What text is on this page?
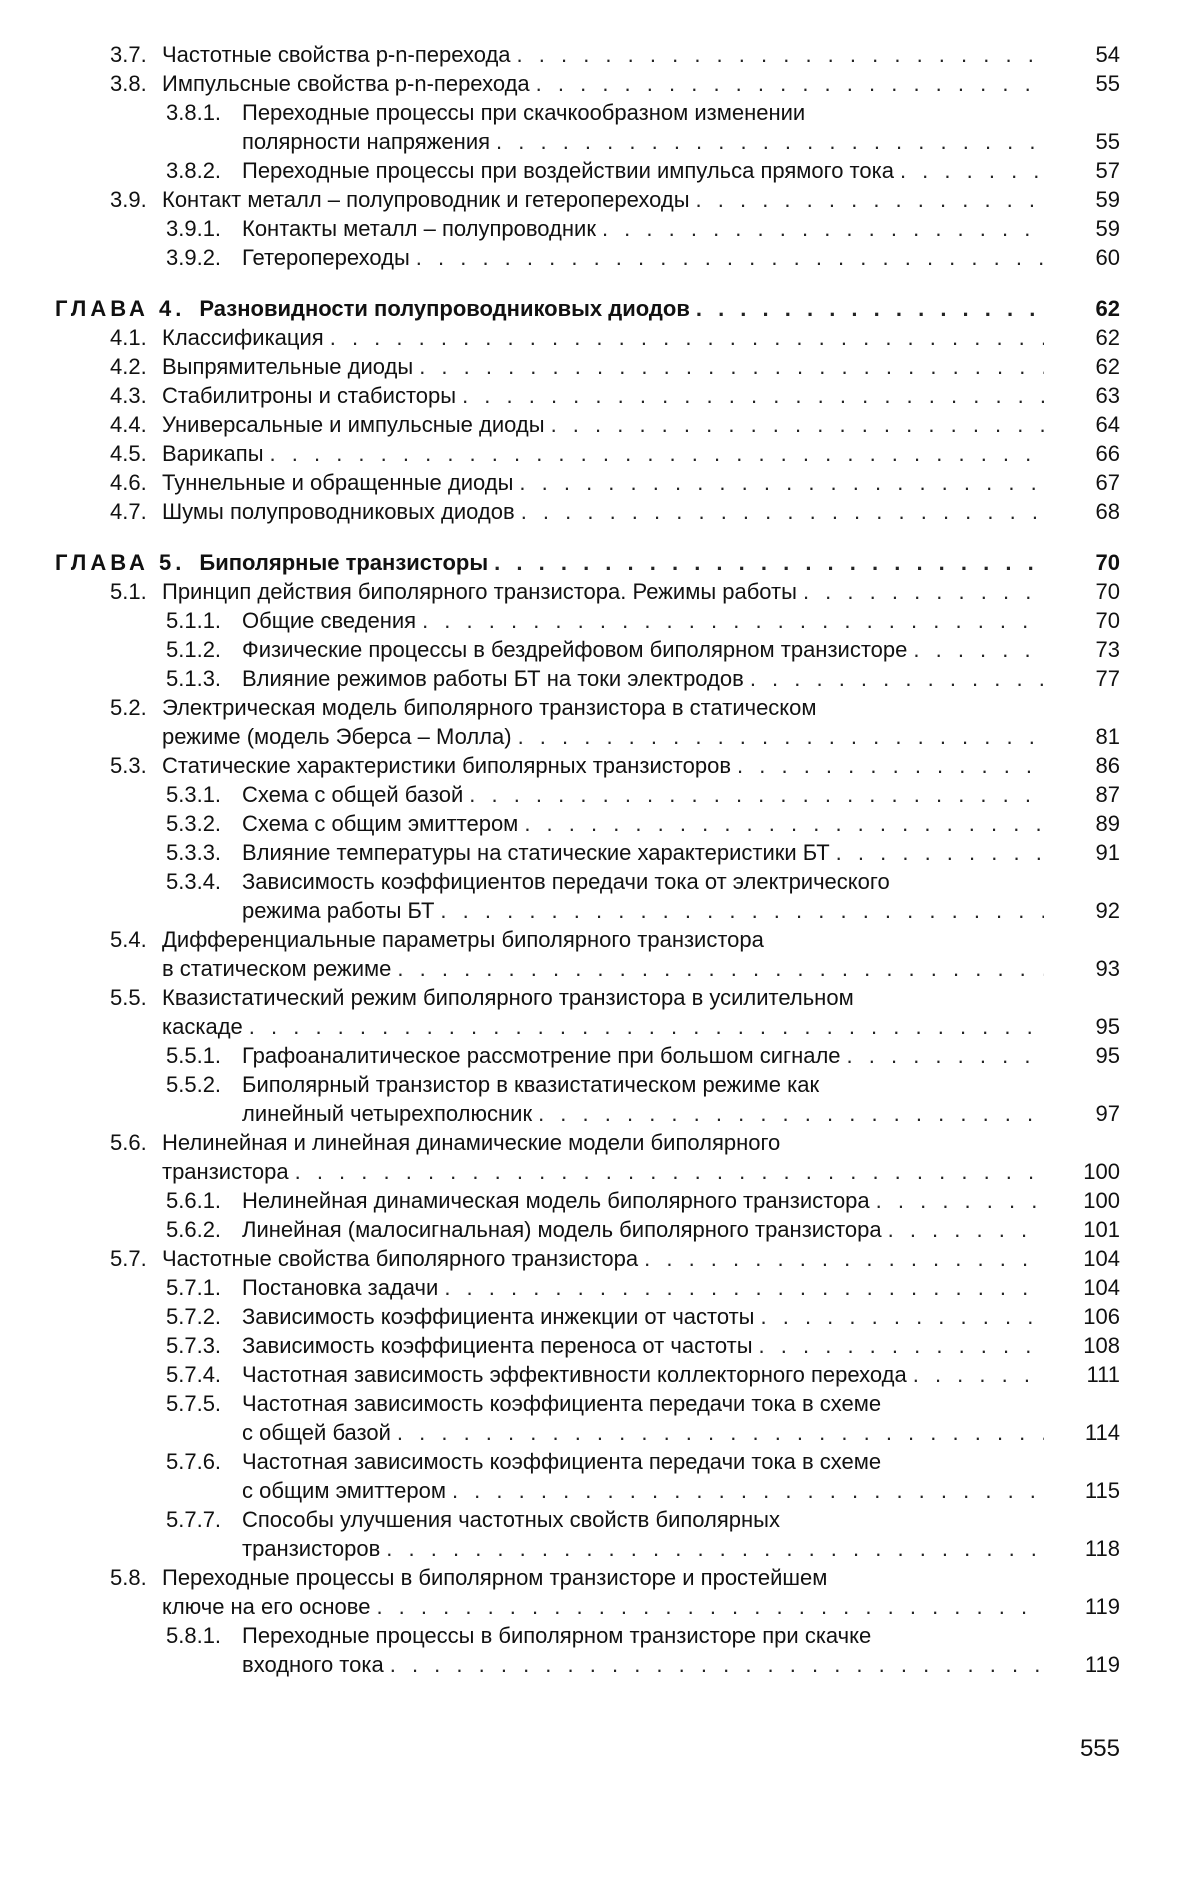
3.7. Частотные свойства p-n-перехода . . .	54
3.8. Импульсные свойства p-n-перехода . . .	55
3.8.1. Переходные процессы при скачкообразном изменении
полярности напряжения . . .	55
3.8.2. Переходные процессы при воздействии импульса прямого тока . . .	57
3.9. Контакт металл – полупроводник и гетеропереходы . . .	59
3.9.1. Контакты металл – полупроводник . . .	59
3.9.2. Гетеропереходы . . .	60
ГЛАВА 4. Разновидности полупроводниковых диодов . . .	62
4.1. Классификация . . .	62
4.2. Выпрямительные диоды . . .	62
4.3. Стабилитроны и стабисторы . . .	63
4.4. Универсальные и импульсные диоды . . .	64
4.5. Варикапы . . .	66
4.6. Туннельные и обращенные диоды . . .	67
4.7. Шумы полупроводниковых диодов . . .	68
ГЛАВА 5. Биполярные транзисторы . . .	70
5.1. Принцип действия биполярного транзистора. Режимы работы . . .	70
5.1.1. Общие сведения . . .	70
5.1.2. Физические процессы в бездрейфовом биполярном транзисторе . . .	73
5.1.3. Влияние режимов работы БТ на токи электродов . . .	77
5.2. Электрическая модель биполярного транзистора в статическом
режиме (модель Эберса – Молла) . . .	81
5.3. Статические характеристики биполярных транзисторов . . .	86
5.3.1. Схема с общей базой . . .	87
5.3.2. Схема с общим эмиттером . . .	89
5.3.3. Влияние температуры на статические характеристики БТ . . .	91
5.3.4. Зависимость коэффициентов передачи тока от электрического
режима работы БТ . . .	92
5.4. Дифференциальные параметры биполярного транзистора
в статическом режиме . . .	93
5.5. Квазистатический режим биполярного транзистора в усилительном
каскаде . . .	95
5.5.1. Графоаналитическое рассмотрение при большом сигнале . . .	95
5.5.2. Биполярный транзистор в квазистатическом режиме как
линейный четырехполюсник . . .	97
5.6. Нелинейная и линейная динамические модели биполярного
транзистора . . .	100
5.6.1. Нелинейная динамическая модель биполярного транзистора . . .	100
5.6.2. Линейная (малосигнальная) модель биполярного транзистора . . .	101
5.7. Частотные свойства биполярного транзистора . . .	104
5.7.1. Постановка задачи . . .	104
5.7.2. Зависимость коэффициента инжекции от частоты . . .	106
5.7.3. Зависимость коэффициента переноса от частоты . . .	108
5.7.4. Частотная зависимость эффективности коллекторного перехода . . .	111
5.7.5. Частотная зависимость коэффициента передачи тока в схеме
с общей базой . . .	114
5.7.6. Частотная зависимость коэффициента передачи тока в схеме
с общим эмиттером . . .	115
5.7.7. Способы улучшения частотных свойств биполярных
транзисторов . . .	118
5.8. Переходные процессы в биполярном транзисторе и простейшем
ключе на его основе . . .	119
5.8.1. Переходные процессы в биполярном транзисторе при скачке
входного тока . . .	119
555
